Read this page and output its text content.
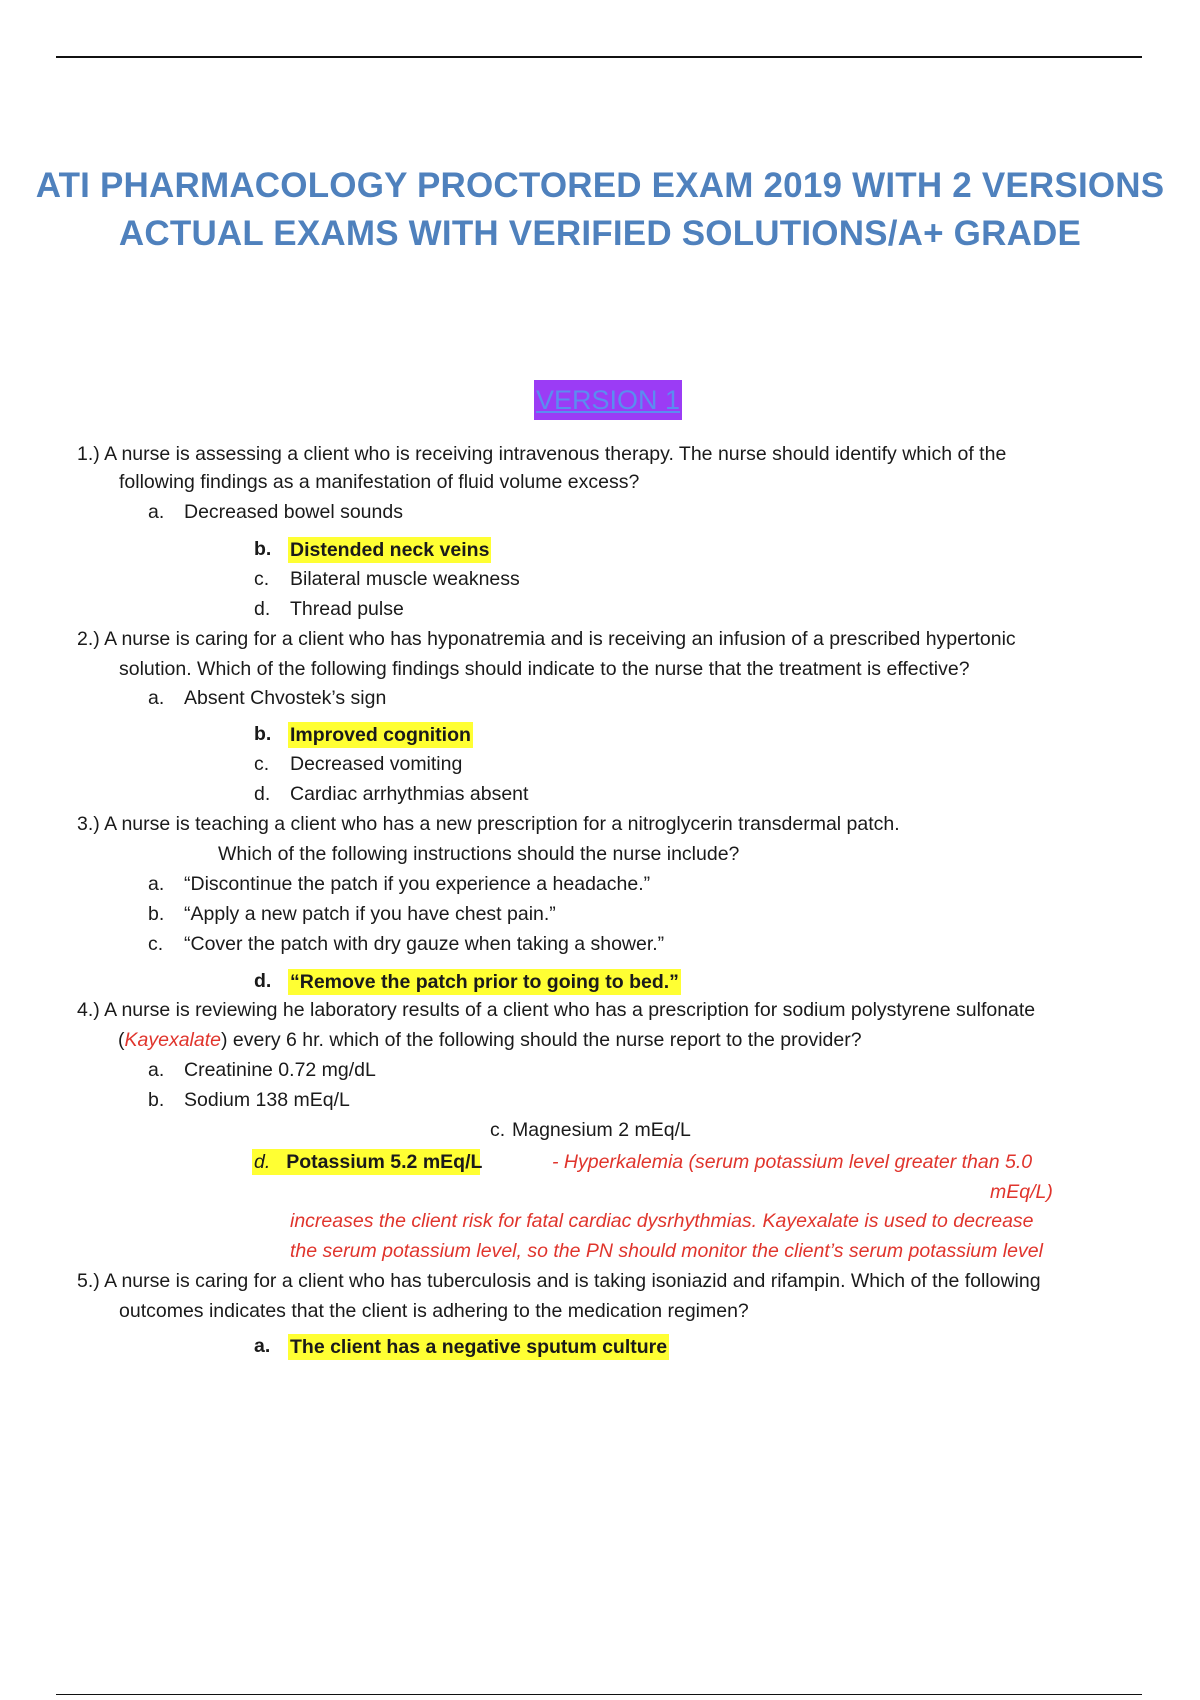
ATI PHARMACOLOGY PROCTORED EXAM 2019 WITH 2 VERSIONS
ACTUAL EXAMS WITH VERIFIED SOLUTIONS/A+ GRADE
VERSION 1
1.) A nurse is assessing a client who is receiving intravenous therapy. The nurse should identify which of the
following findings as a manifestation of fluid volume excess?
a. Decreased bowel sounds
b. Distended neck veins
c. Bilateral muscle weakness
d. Thread pulse
2.) A nurse is caring for a client who has hyponatremia and is receiving an infusion of a prescribed hypertonic
solution. Which of the following findings should indicate to the nurse that the treatment is effective?
a. Absent Chvostek’s sign
b. Improved cognition
c. Decreased vomiting
d. Cardiac arrhythmias absent
3.) A nurse is teaching a client who has a new prescription for a nitroglycerin transdermal patch.
Which of the following instructions should the nurse include?
a. “Discontinue the patch if you experience a headache.”
b. “Apply a new patch if you have chest pain.”
c. “Cover the patch with dry gauze when taking a shower.”
d. “Remove the patch prior to going to bed.”
4.) A nurse is reviewing he laboratory results of a client who has a prescription for sodium polystyrene sulfonate
(Kayexalate) every 6 hr. which of the following should the nurse report to the provider?
a. Creatinine 0.72 mg/dL
b. Sodium 138 mEq/L
c. Magnesium 2 mEq/L
d. Potassium 5.2 mEq/L	- Hyperkalemia (serum potassium level greater than 5.0
mEq/L)
increases the client risk for fatal cardiac dysrhythmias. Kayexalate is used to decrease
the serum potassium level, so the PN should monitor the client’s serum potassium level
5.) A nurse is caring for a client who has tuberculosis and is taking isoniazid and rifampin. Which of the following
outcomes indicates that the client is adhering to the medication regimen?
a. The client has a negative sputum culture
